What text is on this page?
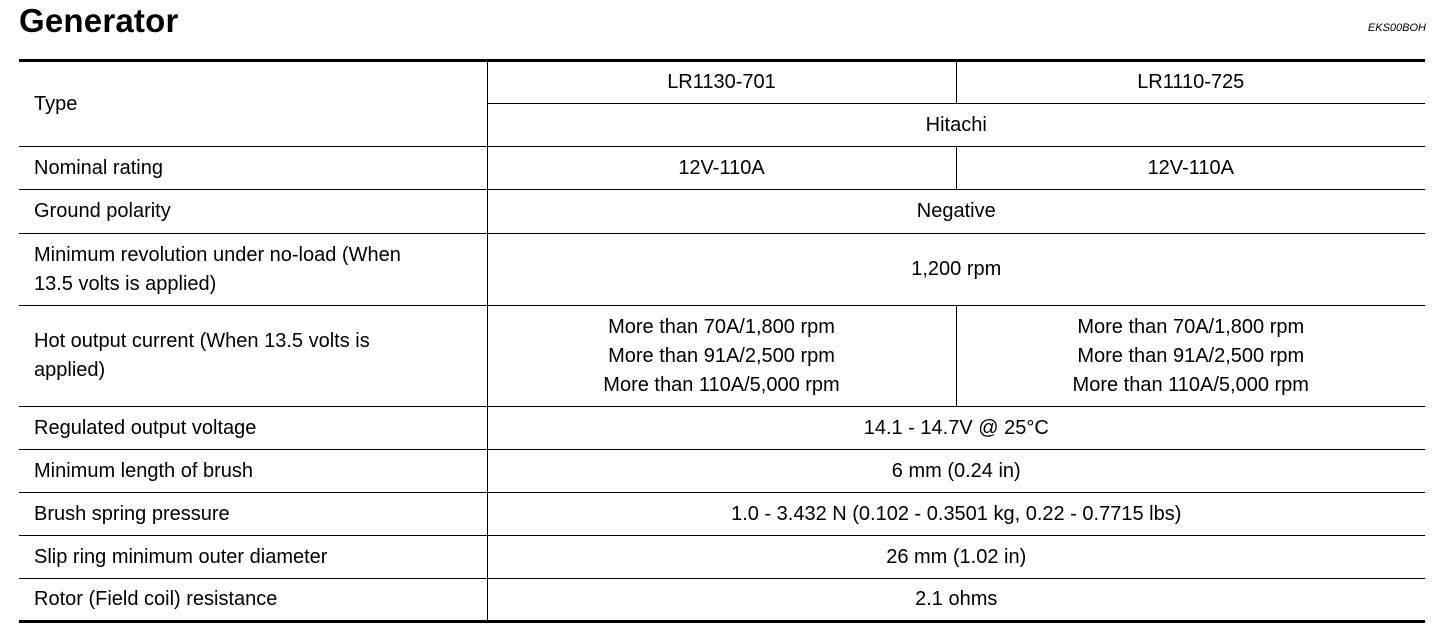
Generator	EKS00BOH
Type	LR1130-701	LR1110-725
	Hitachi	
Nominal rating	12V-110A	12V-110A
Ground polarity	Negative	

Minimum revolution under no-load (When
13.5 volts is applied)	1,200 rpm	

Hot output current (When 13.5 volts is
applied)	More than 70A/1,800 rpm
More than 91A/2,500 rpm
More than 110A/5,000 rpm	More than 70A/1,800 rpm
More than 91A/2,500 rpm
More than 110A/5,000 rpm

Regulated output voltage	14.1 - 14.7V @ 25°C	
Minimum length of brush	6 mm (0.24 in)	
Brush spring pressure	1.0 - 3.432 N (0.102 - 0.3501 kg, 0.22 - 0.7715 lbs)	
Slip ring minimum outer diameter	26 mm (1.02 in)	
Rotor (Field coil) resistance	2.1 ohms	
